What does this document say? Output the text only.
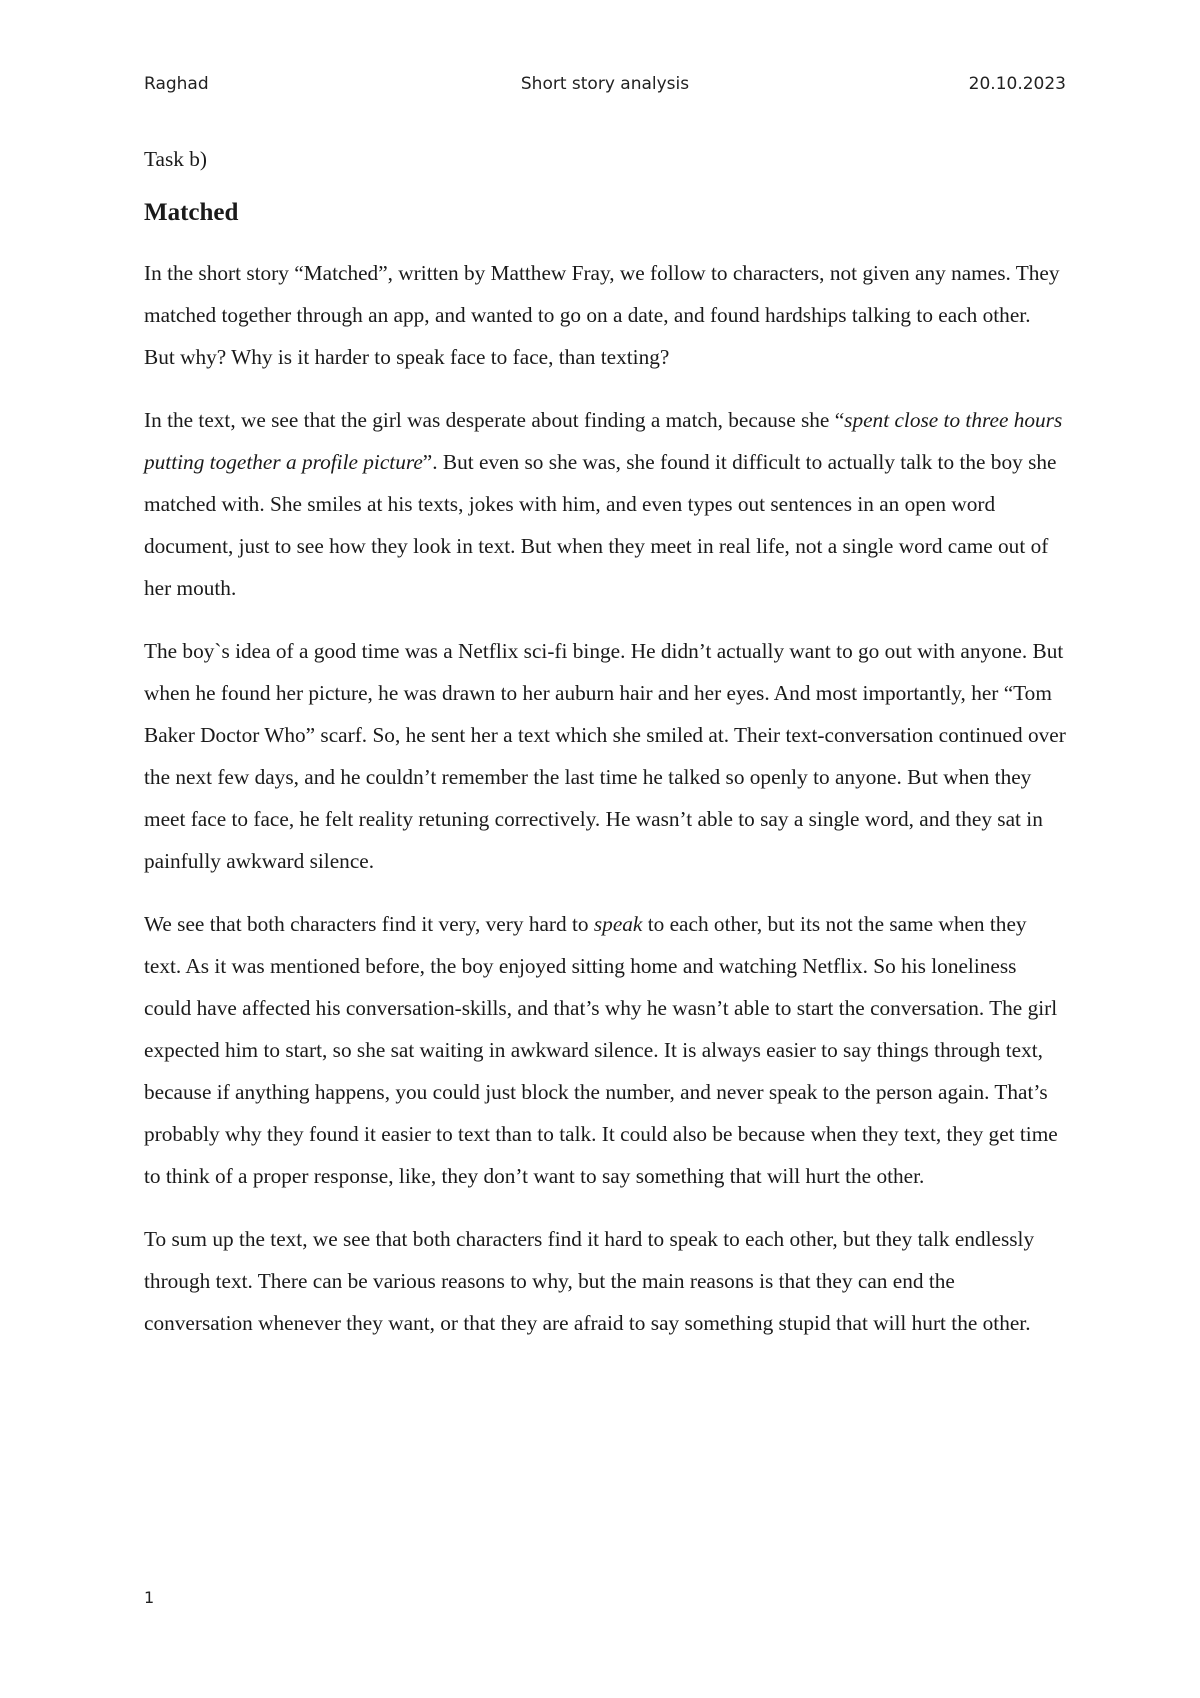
Raghad	Short story analysis	20.10.2023

Task b)

Matched

In the short story “Matched”, written by Matthew Fray, we follow to characters, not given any names. They matched together through an app, and wanted to go on a date, and found hardships talking to each other. But why? Why is it harder to speak face to face, than texting?

In the text, we see that the girl was desperate about finding a match, because she “spent close to three hours putting together a profile picture”. But even so she was, she found it difficult to actually talk to the boy she matched with. She smiles at his texts, jokes with him, and even types out sentences in an open word document, just to see how they look in text. But when they meet in real life, not a single word came out of her mouth.

The boy`s idea of a good time was a Netflix sci-fi binge. He didn’t actually want to go out with anyone. But when he found her picture, he was drawn to her auburn hair and her eyes. And most importantly, her “Tom Baker Doctor Who” scarf. So, he sent her a text which she smiled at. Their text-conversation continued over the next few days, and he couldn’t remember the last time he talked so openly to anyone. But when they meet face to face, he felt reality retuning correctively. He wasn’t able to say a single word, and they sat in painfully awkward silence.

We see that both characters find it very, very hard to speak to each other, but its not the same when they text. As it was mentioned before, the boy enjoyed sitting home and watching Netflix. So his loneliness could have affected his conversation-skills, and that’s why he wasn’t able to start the conversation. The girl expected him to start, so she sat waiting in awkward silence. It is always easier to say things through text, because if anything happens, you could just block the number, and never speak to the person again. That’s probably why they found it easier to text than to talk. It could also be because when they text, they get time to think of a proper response, like, they don’t want to say something that will hurt the other.

To sum up the text, we see that both characters find it hard to speak to each other, but they talk endlessly through text. There can be various reasons to why, but the main reasons is that they can end the conversation whenever they want, or that they are afraid to say something stupid that will hurt the other.

1
